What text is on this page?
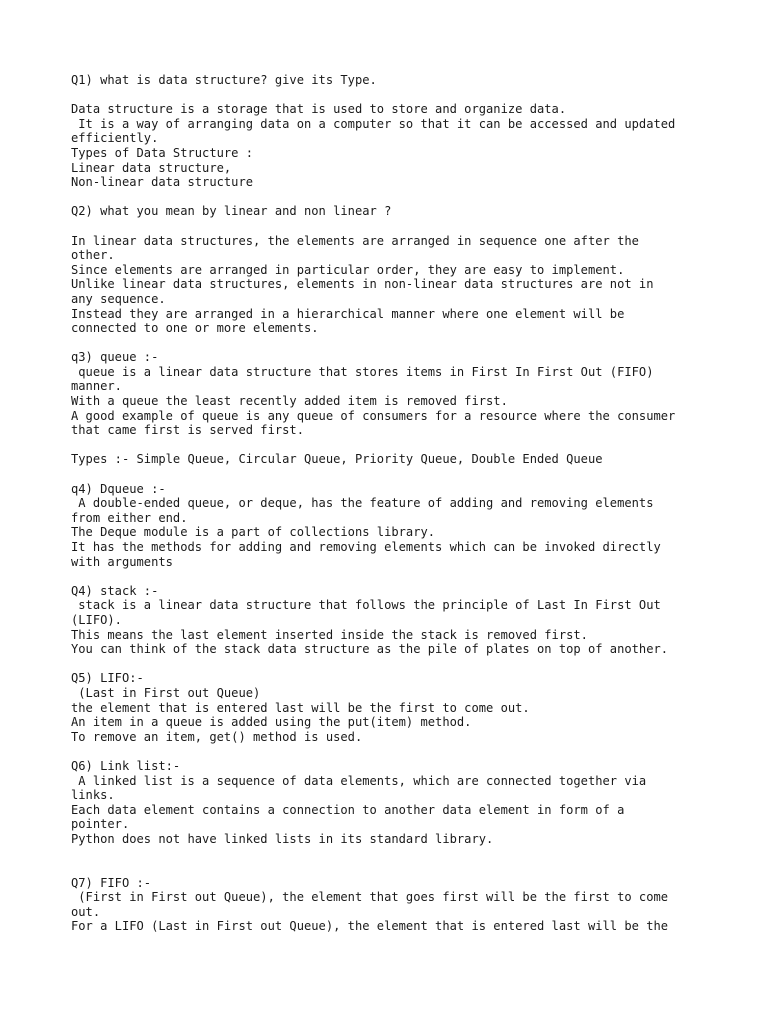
Q1) what is data structure? give its Type.
Data structure is a storage that is used to store and organize data.
It is a way of arranging data on a computer so that it can be accessed and updated
efficiently.
Types of Data Structure :
Linear data structure,
Non-linear data structure
Q2) what you mean by linear and non linear ?
In linear data structures, the elements are arranged in sequence one after the
other.
Since elements are arranged in particular order, they are easy to implement.
Unlike linear data structures, elements in non-linear data structures are not in
any sequence.
Instead they are arranged in a hierarchical manner where one element will be
connected to one or more elements.
q3) queue :-
queue is a linear data structure that stores items in First In First Out (FIFO)
manner.
With a queue the least recently added item is removed first.
A good example of queue is any queue of consumers for a resource where the consumer
that came first is served first.
Types :- Simple Queue, Circular Queue, Priority Queue, Double Ended Queue
q4) Dqueue :-
A double-ended queue, or deque, has the feature of adding and removing elements
from either end.
The Deque module is a part of collections library.
It has the methods for adding and removing elements which can be invoked directly
with arguments
Q4) stack :-
stack is a linear data structure that follows the principle of Last In First Out
(LIFO).
This means the last element inserted inside the stack is removed first.
You can think of the stack data structure as the pile of plates on top of another.
Q5) LIFO:-
(Last in First out Queue)
the element that is entered last will be the first to come out.
An item in a queue is added using the put(item) method.
To remove an item, get() method is used.
Q6) Link list:-
A linked list is a sequence of data elements, which are connected together via
links.
Each data element contains a connection to another data element in form of a
pointer.
Python does not have linked lists in its standard library.
Q7) FIFO :-
(First in First out Queue), the element that goes first will be the first to come
out.
For a LIFO (Last in First out Queue), the element that is entered last will be the
